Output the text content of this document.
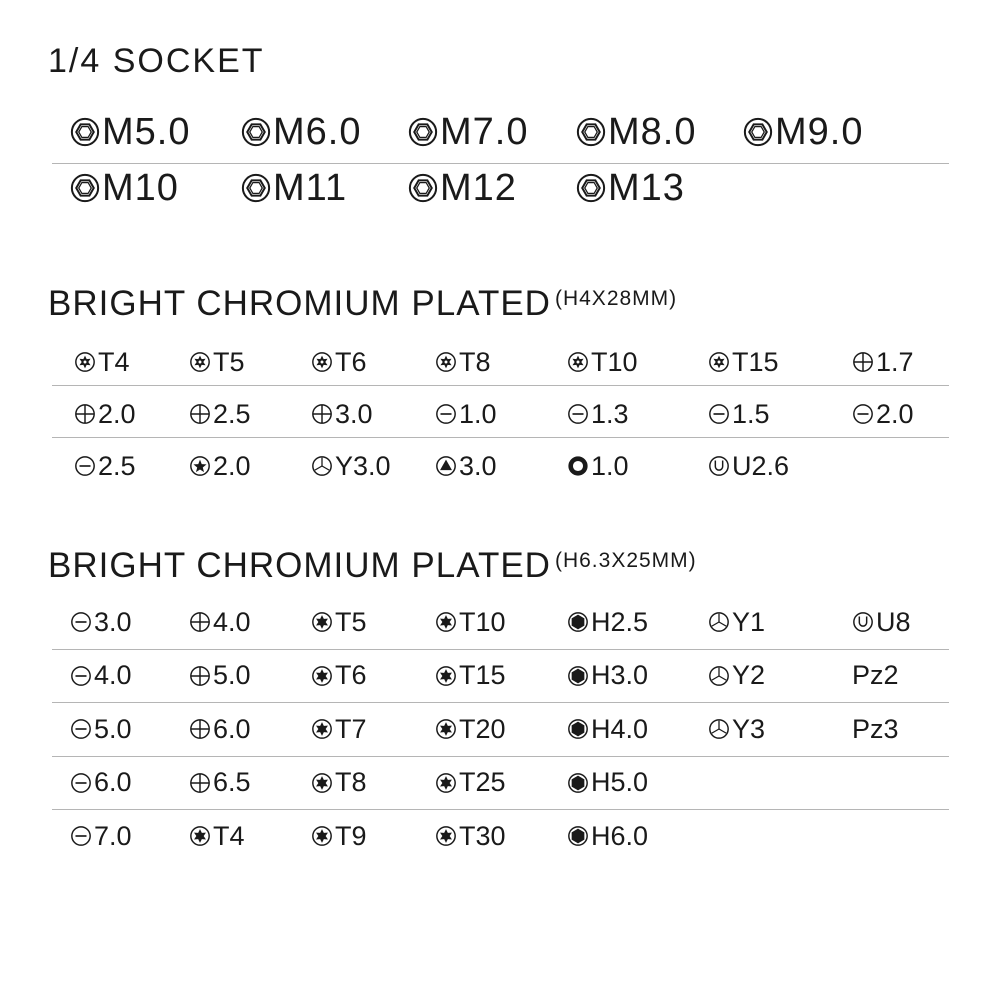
1/4 SOCKET
M5.0 M6.0 M7.0 M8.0 M9.0
M10 M11 M12 M13
BRIGHT CHROMIUM PLATED $^{(H4X28MM)}$
T4	T5	T6	T8	T10	T15	1.7
2.0	2.5	3.0	1.0	1.3	1.5	2.0
2.5	2.0	Y3.0	3.0	1.0	U2.6
BRIGHT CHROMIUM PLATED $^{(H6.3X25MM)}$
3.0	4.0	T5	T10	H2.5	Y1	U8
4.0	5.0	T6	T15	H3.0	Y2	Pz2
5.0	6.0	T7	T20	H4.0	Y3	Pz3
6.0	6.5	T8	T25	H5.0
7.0	T4	T9	T30	H6.0
